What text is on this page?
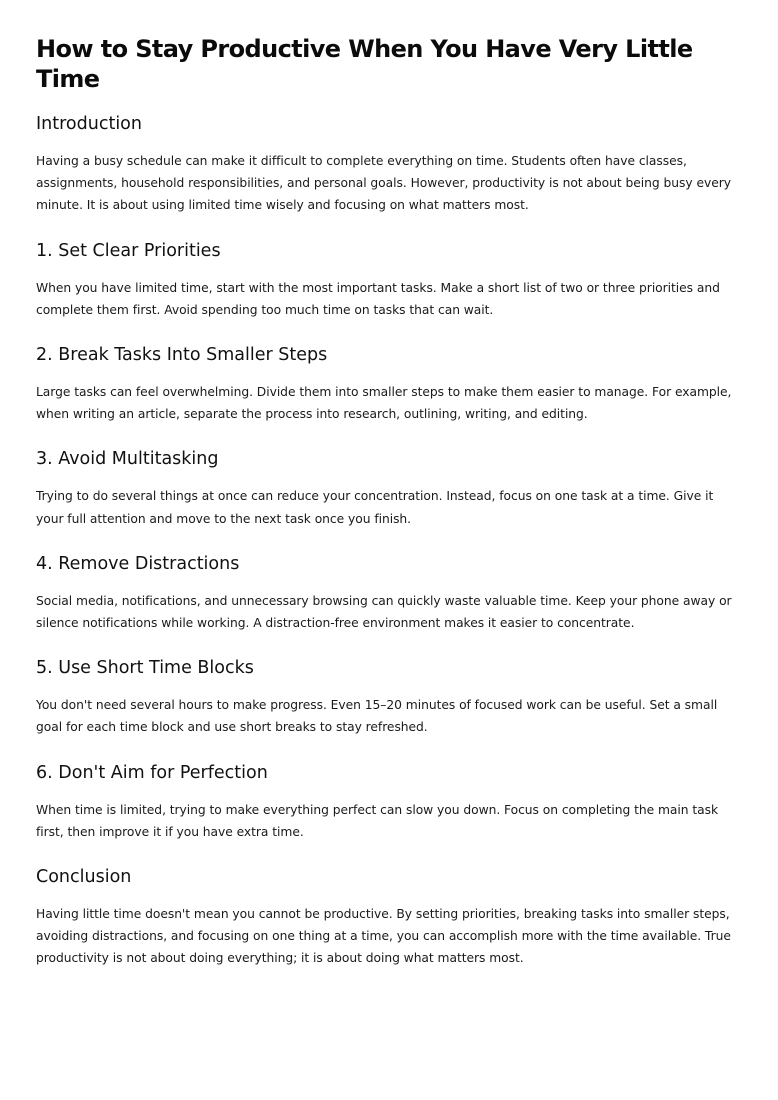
How to Stay Productive When You Have Very Little Time
Introduction

Having a busy schedule can make it difficult to complete everything on time. Students often have classes, assignments, household responsibilities, and personal goals. However, productivity is not about being busy every minute. It is about using limited time wisely and focusing on what matters most.

1. Set Clear Priorities

When you have limited time, start with the most important tasks. Make a short list of two or three priorities and complete them first. Avoid spending too much time on tasks that can wait.

2. Break Tasks Into Smaller Steps

Large tasks can feel overwhelming. Divide them into smaller steps to make them easier to manage. For example, when writing an article, separate the process into research, outlining, writing, and editing.

3. Avoid Multitasking

Trying to do several things at once can reduce your concentration. Instead, focus on one task at a time. Give it your full attention and move to the next task once you finish.

4. Remove Distractions

Social media, notifications, and unnecessary browsing can quickly waste valuable time. Keep your phone away or silence notifications while working. A distraction-free environment makes it easier to concentrate.

5. Use Short Time Blocks

You don't need several hours to make progress. Even 15–20 minutes of focused work can be useful. Set a small goal for each time block and use short breaks to stay refreshed.

6. Don't Aim for Perfection

When time is limited, trying to make everything perfect can slow you down. Focus on completing the main task first, then improve it if you have extra time.

Conclusion

Having little time doesn't mean you cannot be productive. By setting priorities, breaking tasks into smaller steps, avoiding distractions, and focusing on one thing at a time, you can accomplish more with the time available. True productivity is not about doing everything; it is about doing what matters most.
